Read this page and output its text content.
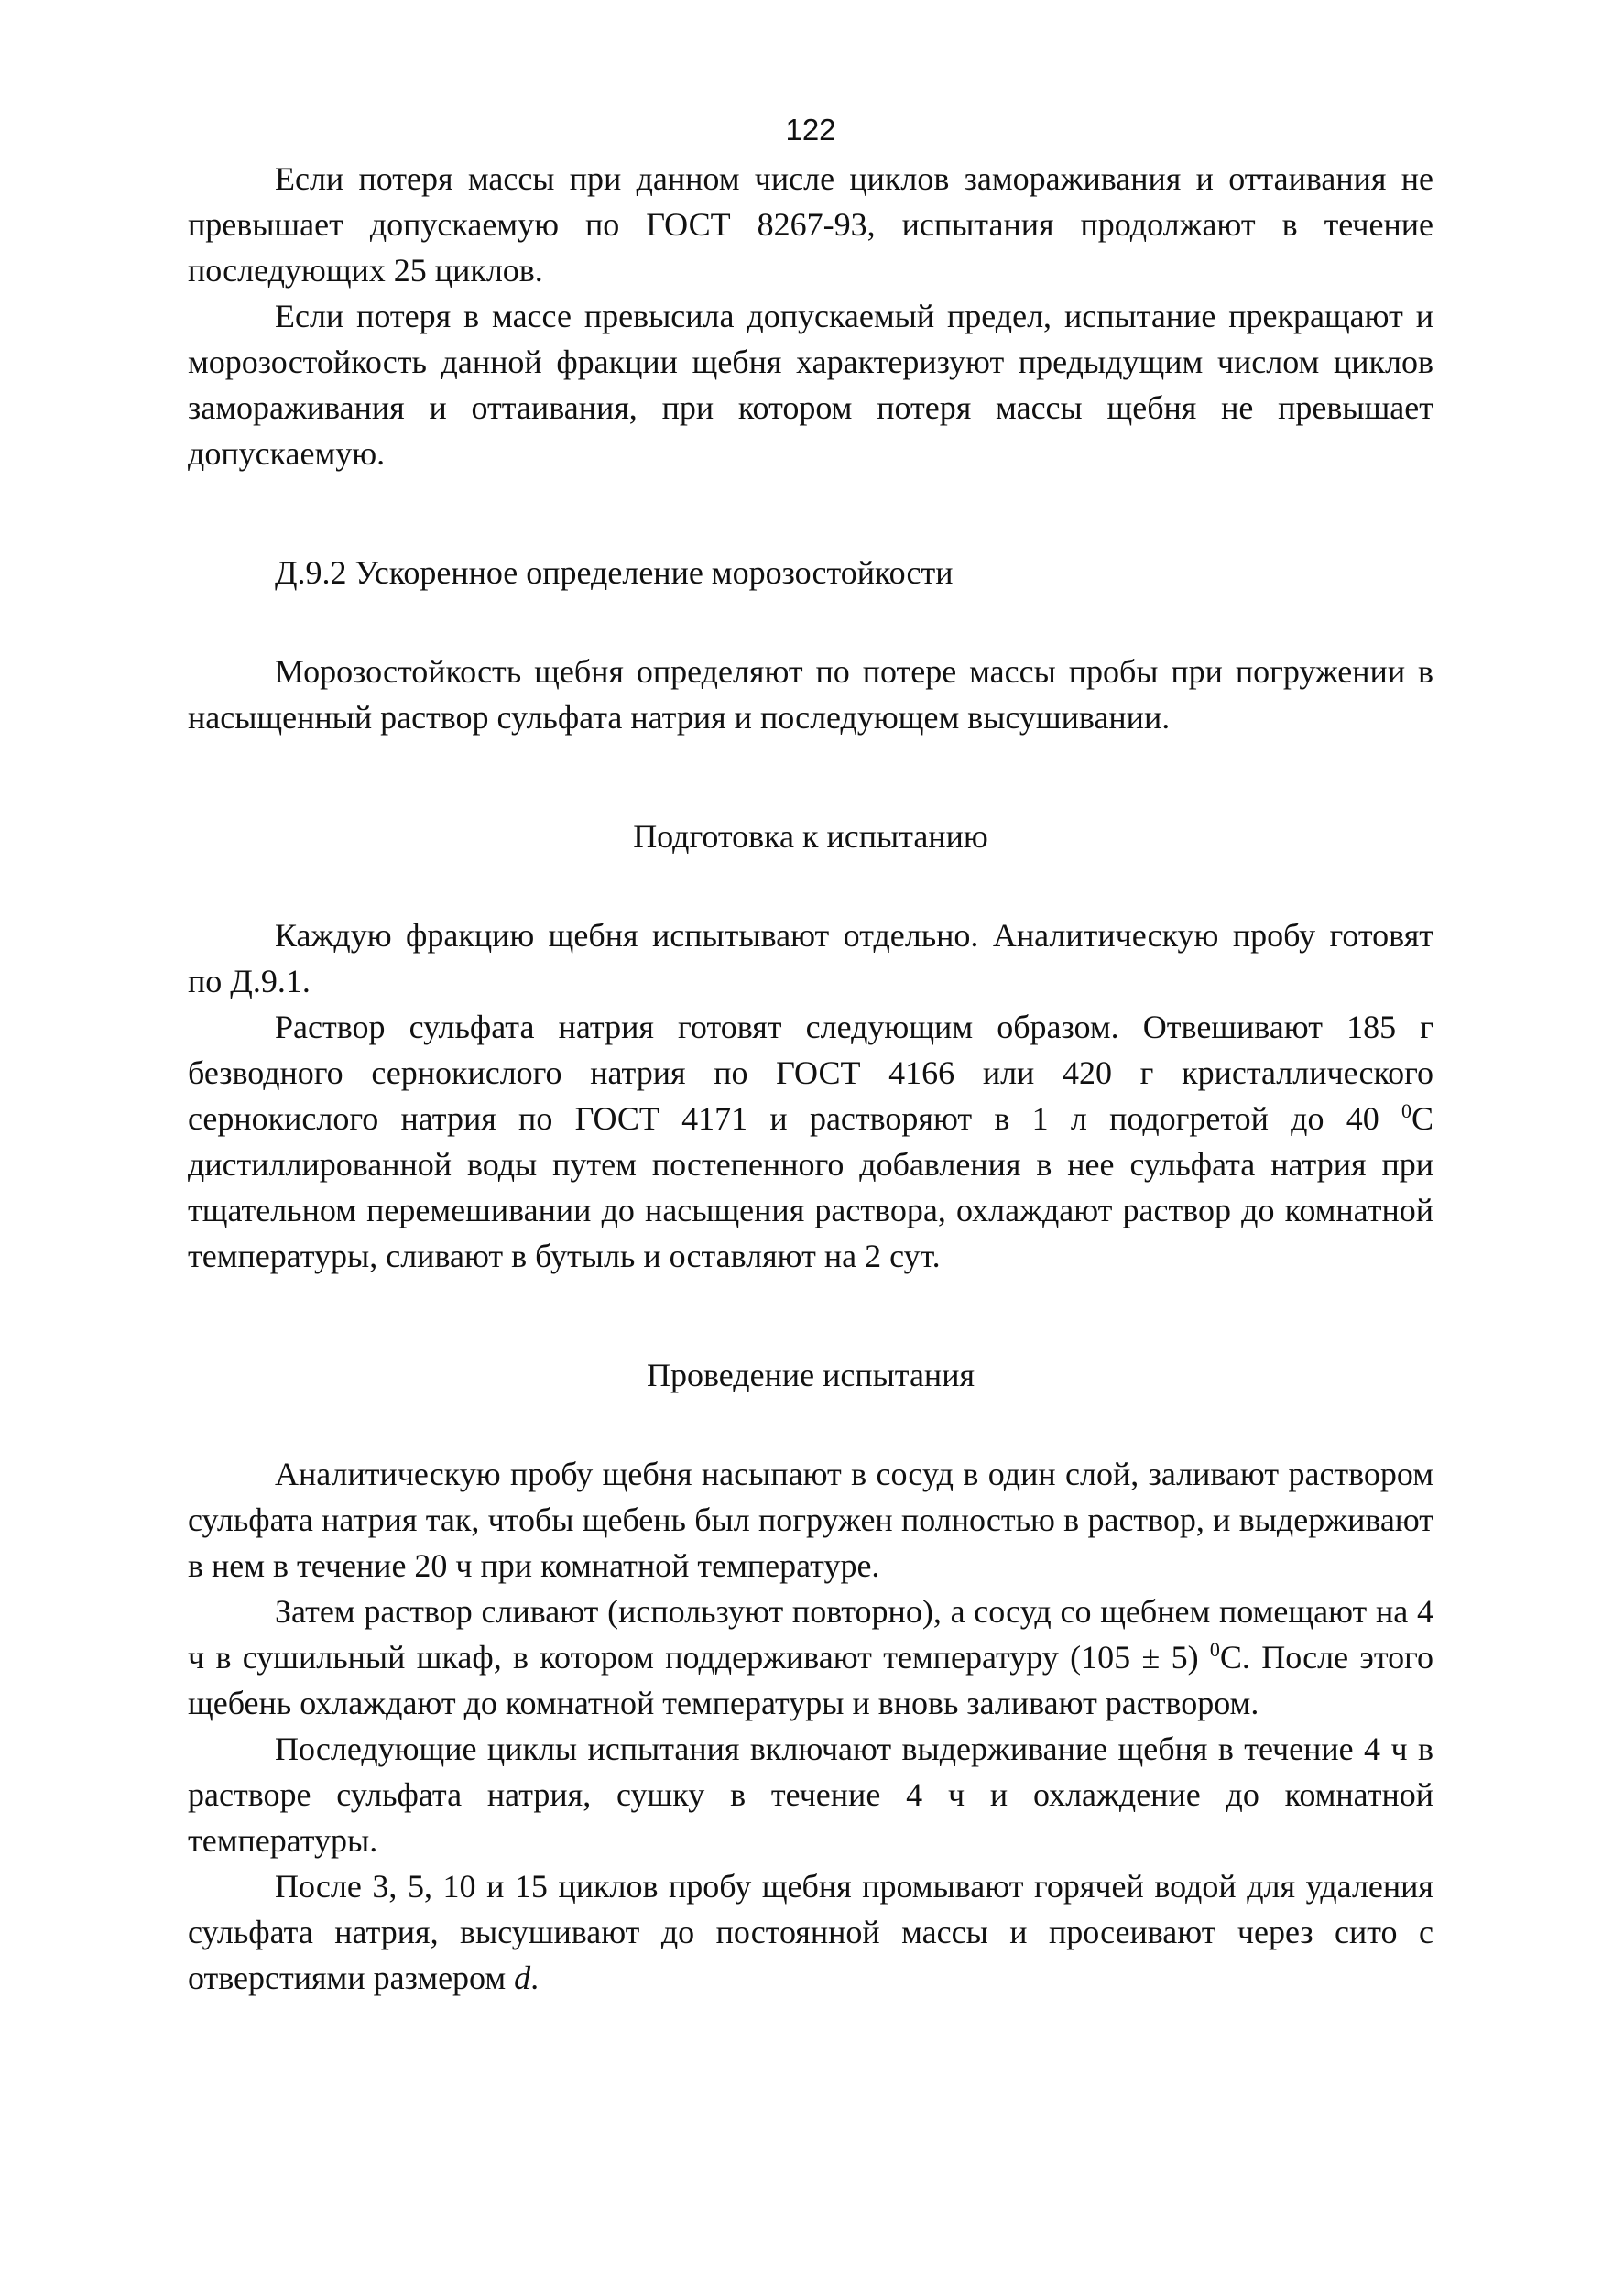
122

Если потеря массы при данном числе циклов замораживания и оттаивания не превышает допускаемую по ГОСТ 8267-93, испытания продолжают в течение последующих 25 циклов.

Если потеря в массе превысила допускаемый предел, испытание прекращают и морозостойкость данной фракции щебня характеризуют предыдущим числом циклов замораживания и оттаивания, при котором потеря массы щебня не превышает допускаемую.

Д.9.2 Ускоренное определение морозостойкости

Морозостойкость щебня определяют по потере массы пробы при погружении в насыщенный раствор сульфата натрия и последующем высушивании.

Подготовка к испытанию

Каждую фракцию щебня испытывают отдельно. Аналитическую пробу готовят по Д.9.1.

Раствор сульфата натрия готовят следующим образом. Отвешивают 185 г безводного сернокислого натрия по ГОСТ 4166 или 420 г кристаллического сернокислого натрия по ГОСТ 4171 и растворяют в 1 л подогретой до 40 $^0$С дистиллированной воды путем постепенного добавления в нее сульфата натрия при тщательном перемешивании до насыщения раствора, охлаждают раствор до комнатной температуры, сливают в бутыль и оставляют на 2 сут.

Проведение испытания

Аналитическую пробу щебня насыпают в сосуд в один слой, заливают раствором сульфата натрия так, чтобы щебень был погружен полностью в раствор, и выдерживают в нем в течение 20 ч при комнатной температуре.

Затем раствор сливают (используют повторно), а сосуд со щебнем помещают на 4 ч в сушильный шкаф, в котором поддерживают температуру (105 ± 5) $^0$С. После этого щебень охлаждают до комнатной температуры и вновь заливают раствором.

Последующие циклы испытания включают выдерживание щебня в течение 4 ч в растворе сульфата натрия, сушку в течение 4 ч и охлаждение до комнатной температуры.

После 3, 5, 10 и 15 циклов пробу щебня промывают горячей водой для удаления сульфата натрия, высушивают до постоянной массы и просеивают через сито с отверстиями размером d.
